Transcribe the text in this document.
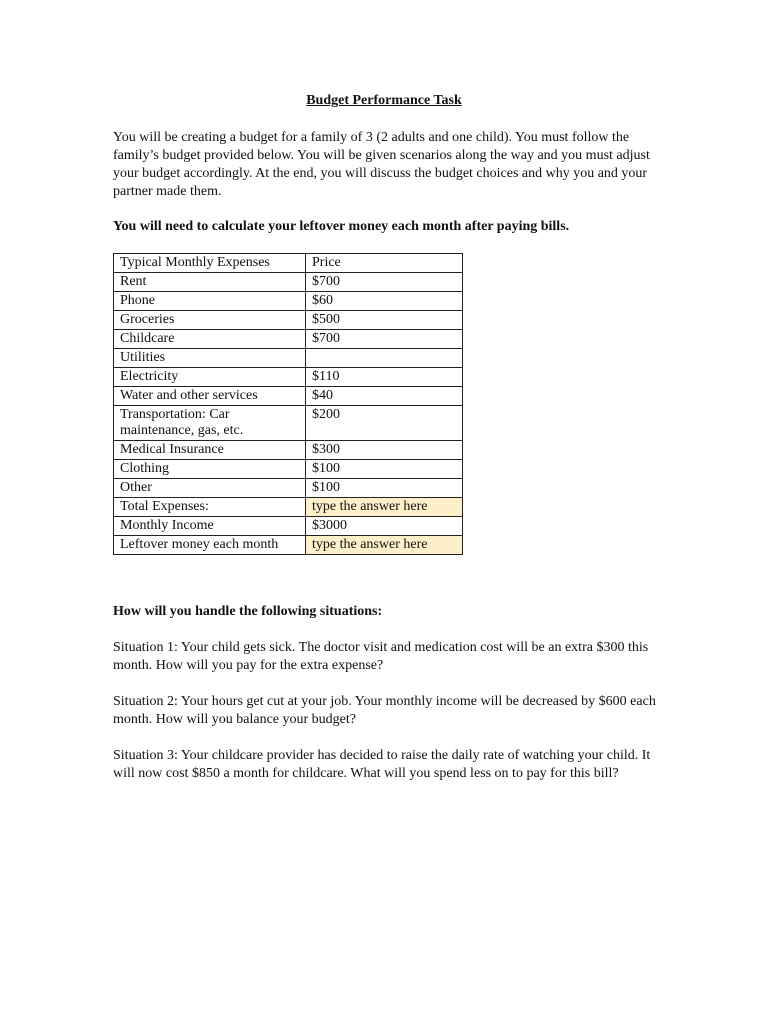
Budget Performance Task

You will be creating a budget for a family of 3 (2 adults and one child). You must follow the family’s budget provided below. You will be given scenarios along the way and you must adjust your budget accordingly. At the end, you will discuss the budget choices and why you and your partner made them.

You will need to calculate your leftover money each month after paying bills.

Typical Monthly Expenses	Price
Rent	$700
Phone	$60
Groceries	$500
Childcare	$700
Utilities	
Electricity	$110
Water and other services	$40
Transportation: Car maintenance, gas, etc.	$200
Medical Insurance	$300
Clothing	$100
Other	$100
Total Expenses:	type the answer here
Monthly Income	$3000
Leftover money each month	type the answer here

How will you handle the following situations:

Situation 1: Your child gets sick. The doctor visit and medication cost will be an extra $300 this month. How will you pay for the extra expense?

Situation 2: Your hours get cut at your job. Your monthly income will be decreased by $600 each month. How will you balance your budget?

Situation 3: Your childcare provider has decided to raise the daily rate of watching your child. It will now cost $850 a month for childcare. What will you spend less on to pay for this bill?
